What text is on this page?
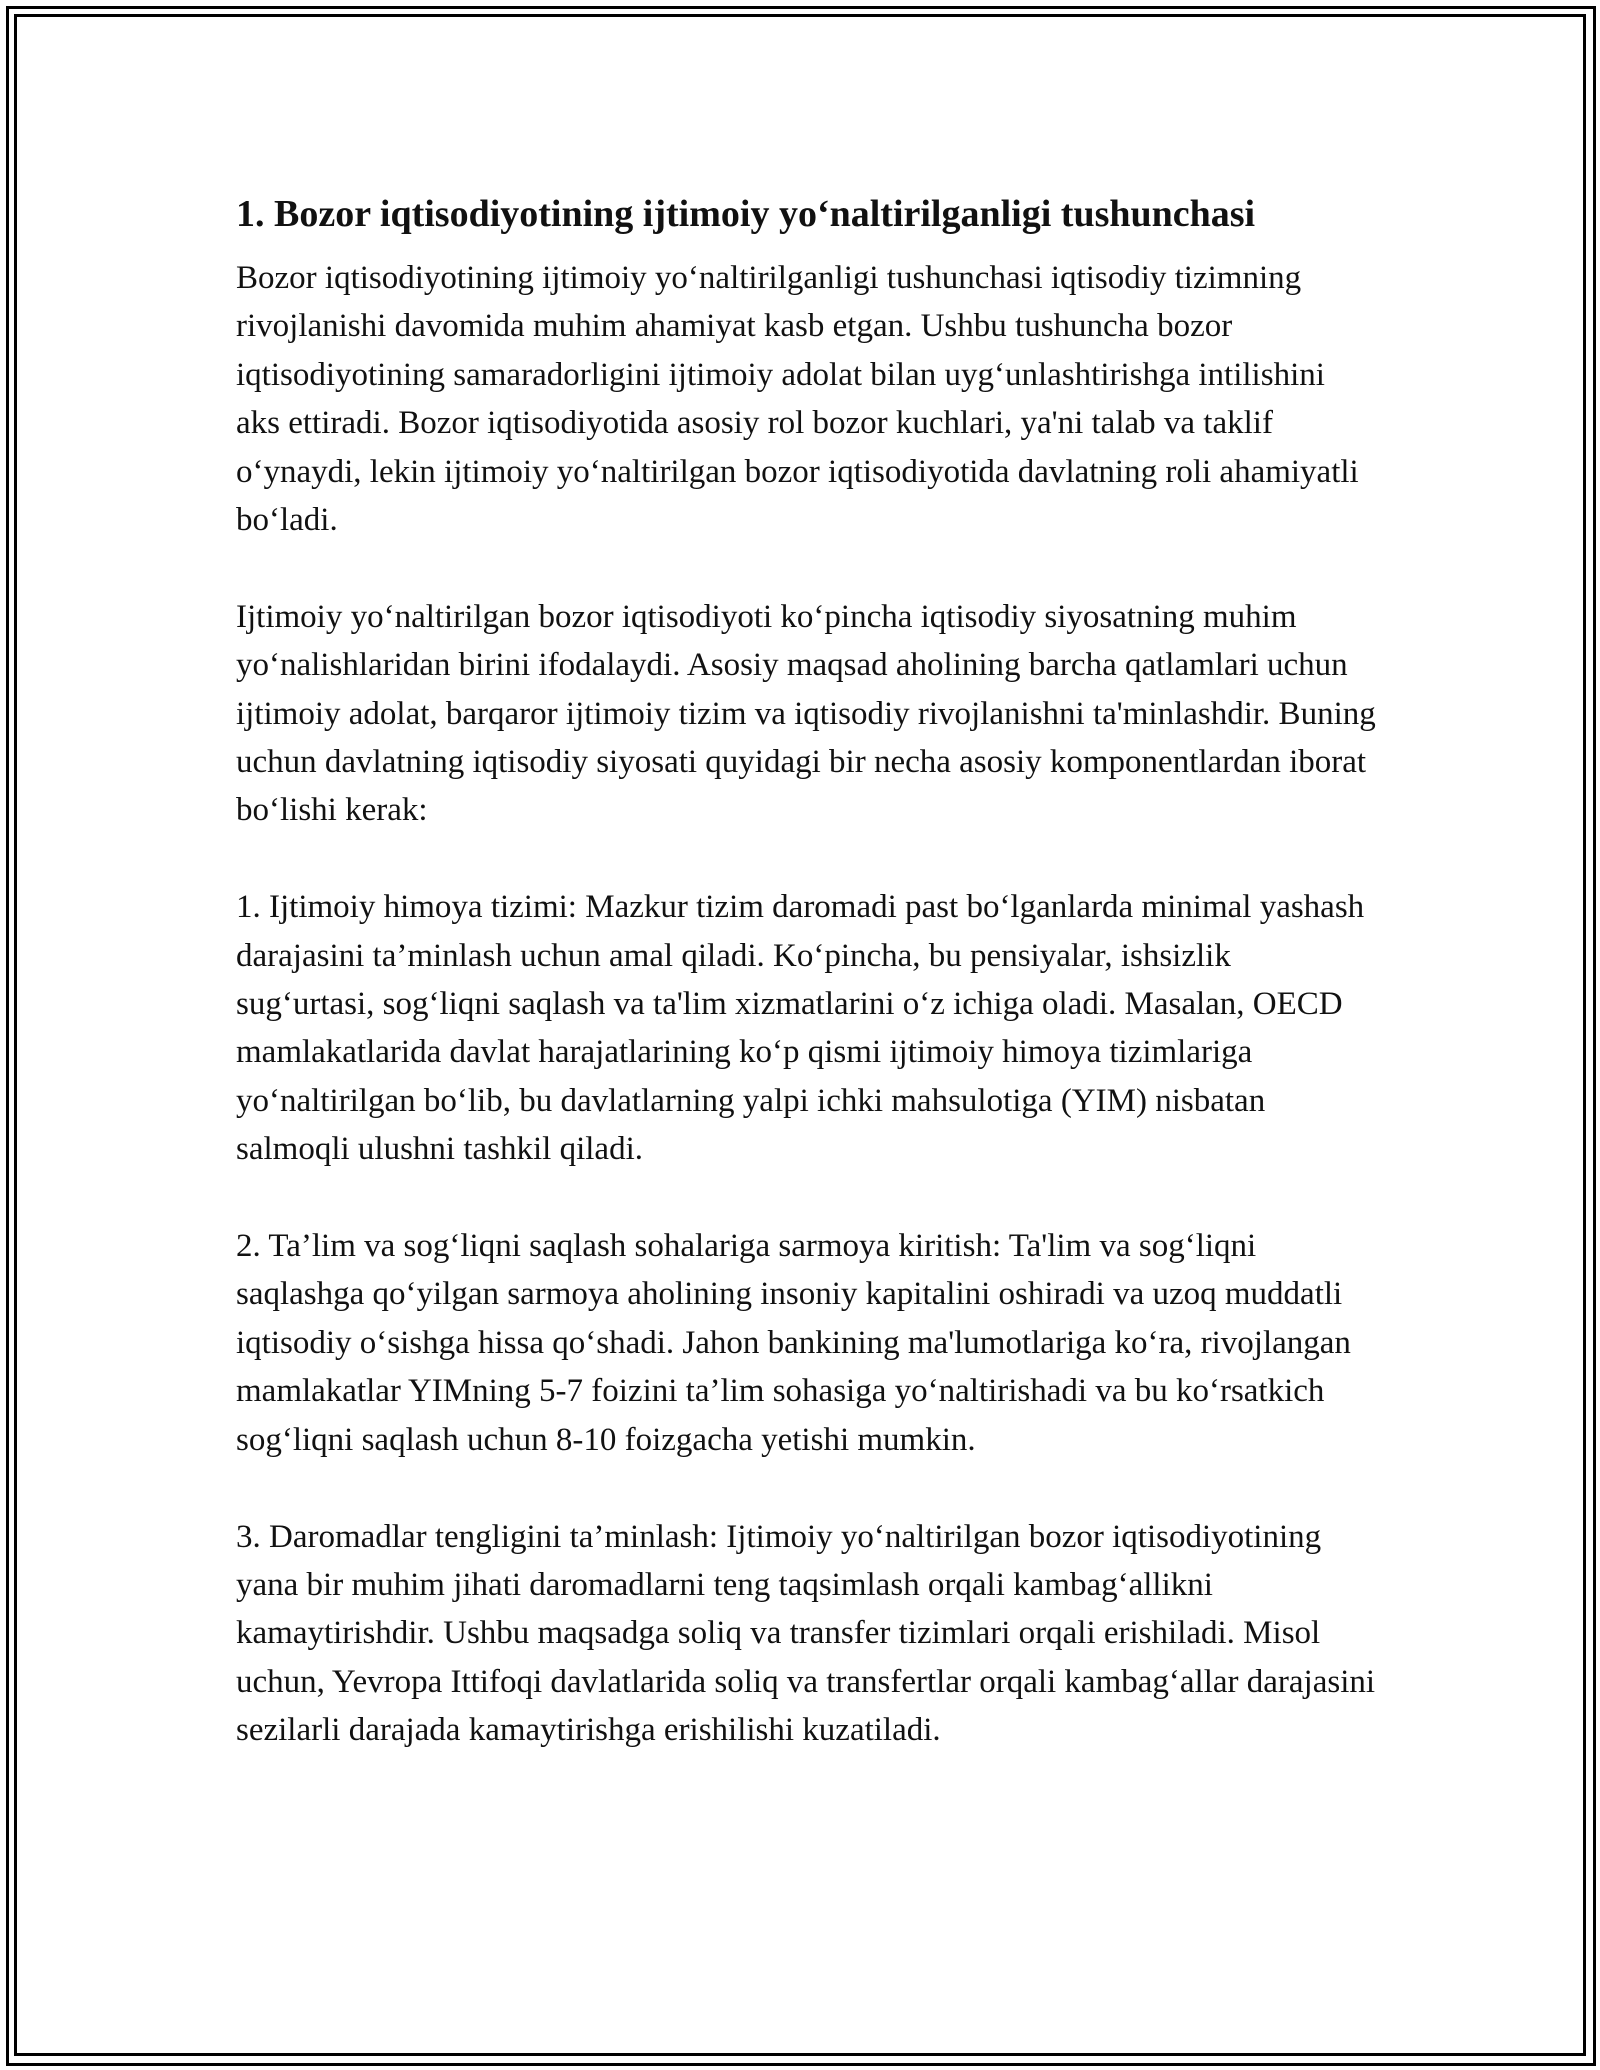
1. Bozor iqtisodiyotining ijtimoiy yo‘naltirilganligi tushunchasi

Bozor iqtisodiyotining ijtimoiy yo‘naltirilganligi tushunchasi iqtisodiy tizimning rivojlanishi davomida muhim ahamiyat kasb etgan. Ushbu tushuncha bozor iqtisodiyotining samaradorligini ijtimoiy adolat bilan uyg‘unlashtirishga intilishini aks ettiradi. Bozor iqtisodiyotida asosiy rol bozor kuchlari, ya'ni talab va taklif o‘ynaydi, lekin ijtimoiy yo‘naltirilgan bozor iqtisodiyotida davlatning roli ahamiyatli bo‘ladi.

Ijtimoiy yo‘naltirilgan bozor iqtisodiyoti ko‘pincha iqtisodiy siyosatning muhim yo‘nalishlaridan birini ifodalaydi. Asosiy maqsad aholining barcha qatlamlari uchun ijtimoiy adolat, barqaror ijtimoiy tizim va iqtisodiy rivojlanishni ta'minlashdir. Buning uchun davlatning iqtisodiy siyosati quyidagi bir necha asosiy komponentlardan iborat bo‘lishi kerak:

1. Ijtimoiy himoya tizimi: Mazkur tizim daromadi past bo‘lganlarda minimal yashash darajasini ta’minlash uchun amal qiladi. Ko‘pincha, bu pensiyalar, ishsizlik sug‘urtasi, sog‘liqni saqlash va ta'lim xizmatlarini o‘z ichiga oladi. Masalan, OECD mamlakatlarida davlat harajatlarining ko‘p qismi ijtimoiy himoya tizimlariga yo‘naltirilgan bo‘lib, bu davlatlarning yalpi ichki mahsulotiga (YIM) nisbatan salmoqli ulushni tashkil qiladi.

2. Ta’lim va sog‘liqni saqlash sohalariga sarmoya kiritish: Ta'lim va sog‘liqni saqlashga qo‘yilgan sarmoya aholining insoniy kapitalini oshiradi va uzoq muddatli iqtisodiy o‘sishga hissa qo‘shadi. Jahon bankining ma'lumotlariga ko‘ra, rivojlangan mamlakatlar YIMning 5-7 foizini ta’lim sohasiga yo‘naltirishadi va bu ko‘rsatkich sog‘liqni saqlash uchun 8-10 foizgacha yetishi mumkin.

3. Daromadlar tengligini ta’minlash: Ijtimoiy yo‘naltirilgan bozor iqtisodiyotining yana bir muhim jihati daromadlarni teng taqsimlash orqali kambag‘allikni kamaytirishdir. Ushbu maqsadga soliq va transfer tizimlari orqali erishiladi. Misol uchun, Yevropa Ittifoqi davlatlarida soliq va transfertlar orqali kambag‘allar darajasini sezilarli darajada kamaytirishga erishilishi kuzatiladi.
